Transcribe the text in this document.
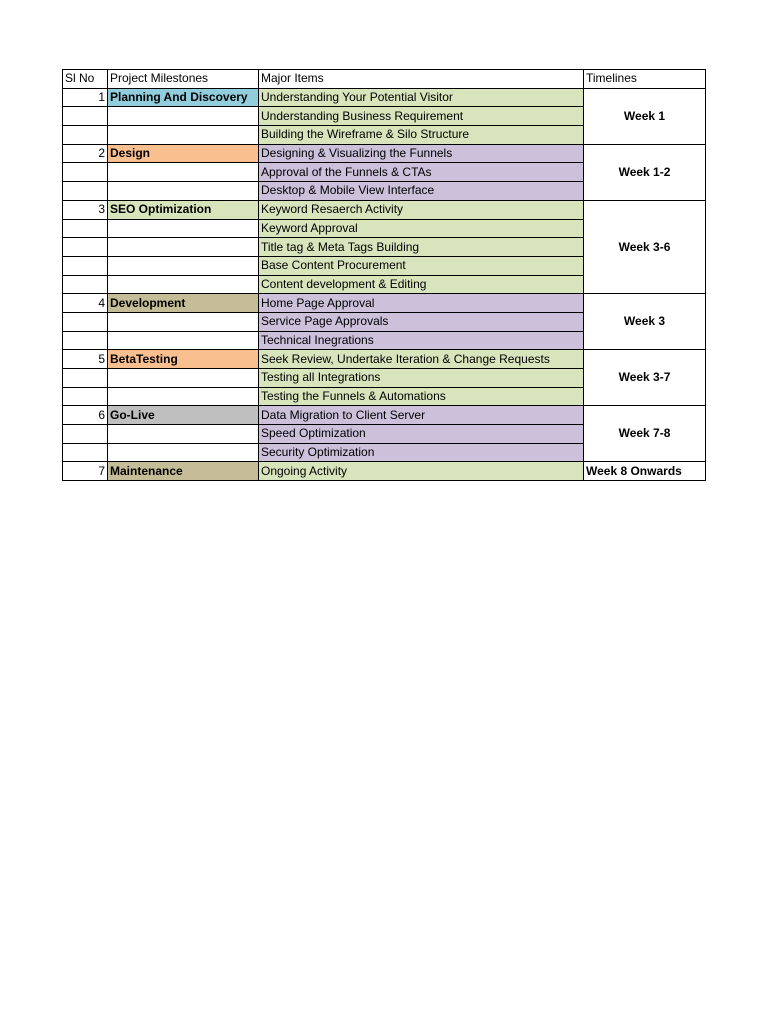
Sl No	Project Milestones	Major Items	Timelines
1	Planning And Discovery	Understanding Your Potential Visitor	Week 1
		Understanding Business Requirement	
		Building the Wireframe & Silo Structure	
2	Design	Designing & Visualizing the Funnels	Week 1-2
		Approval of the Funnels & CTAs	
		Desktop & Mobile View Interface	
3	SEO Optimization	Keyword Resaerch Activity	Week 3-6
		Keyword Approval	
		Title tag & Meta Tags Building	
		Base Content Procurement	
		Content development & Editing	
4	Development	Home Page Approval	Week 3
		Service Page Approvals	
		Technical Inegrations	
5	BetaTesting	Seek Review, Undertake Iteration & Change Requests	Week 3-7
		Testing all Integrations	
		Testing the Funnels & Automations	
6	Go-Live	Data Migration to Client Server	Week 7-8
		Speed Optimization	
		Security Optimization	
7	Maintenance	Ongoing Activity	Week 8 Onwards
